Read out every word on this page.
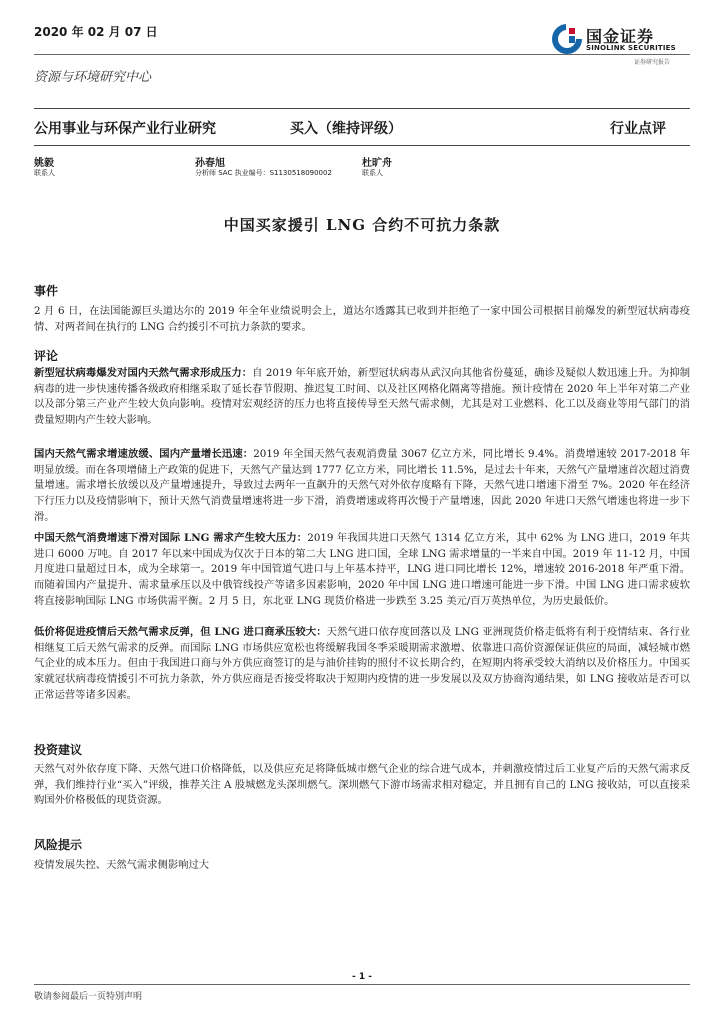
2020 年 02 月 07 日	国金证券
SINOLINK SECURITIES
证券研究报告
资源与环境研究中心
公用事业与环保产业行业研究	买入（维持评级）	行业点评
姚毅
联系人
孙春旭
分析师 SAC 执业编号：S1130518090002
杜旷舟
联系人
中国买家援引 LNG 合约不可抗力条款
事件
2 月 6 日，在法国能源巨头道达尔的 2019 年全年业绩说明会上，道达尔透露其已收到并拒绝了一家中国公司根据目前爆发的新型冠状病毒疫情、对两者间在执行的 LNG 合约援引不可抗力条款的要求。
评论
新型冠状病毒爆发对国内天然气需求形成压力：自 2019 年年底开始，新型冠状病毒从武汉向其他省份蔓延，确诊及疑似人数迅速上升。为抑制病毒的进一步快速传播各级政府相继采取了延长春节假期、推迟复工时间、以及社区网格化隔离等措施。预计疫情在 2020 年上半年对第二产业以及部分第三产业产生较大负向影响。疫情对宏观经济的压力也将直接传导至天然气需求侧，尤其是对工业燃料、化工以及商业等用气部门的消费量短期内产生较大影响。
国内天然气需求增速放缓、国内产量增长迅速：2019 年全国天然气表观消费量 3067 亿立方米，同比增长 9.4%。消费增速较 2017-2018 年明显放缓。而在各项增储上产政策的促进下，天然气产量达到 1777 亿立方米，同比增长 11.5%，是过去十年来，天然气产量增速首次超过消费量增速。需求增长放缓以及产量增速提升，导致过去两年一直飙升的天然气对外依存度略有下降，天然气进口增速下滑至 7%。2020 年在经济下行压力以及疫情影响下，预计天然气消费量增速将进一步下滑，消费增速或将再次慢于产量增速，因此 2020 年进口天然气增速也将进一步下滑。
中国天然气消费增速下滑对国际 LNG 需求产生较大压力：2019 年我国共进口天然气 1314 亿立方米，其中 62% 为 LNG 进口，2019 年共进口 6000 万吨。自 2017 年以来中国成为仅次于日本的第二大 LNG 进口国，全球 LNG 需求增量的一半来自中国。2019 年 11-12 月，中国月度进口量超过日本，成为全球第一。2019 年中国管道气进口与上年基本持平，LNG 进口同比增长 12%，增速较 2016-2018 年严重下滑。而随着国内产量提升、需求量承压以及中俄管线投产等诸多因素影响，2020 年中国 LNG 进口增速可能进一步下滑。中国 LNG 进口需求疲软将直接影响国际 LNG 市场供需平衡。2 月 5 日，东北亚 LNG 现货价格进一步跌至 3.25 美元/百万英热单位，为历史最低价。
低价将促进疫情后天然气需求反弹，但 LNG 进口商承压较大：天然气进口依存度回落以及 LNG 亚洲现货价格走低将有利于疫情结束、各行业相继复工后天然气需求的反弹。而国际 LNG 市场供应宽松也将缓解我国冬季采暖期需求激增、依靠进口高价资源保证供应的局面，减轻城市燃气企业的成本压力。但由于我国进口商与外方供应商签订的是与油价挂钩的照付不议长期合约，在短期内将承受较大消纳以及价格压力。中国买家就冠状病毒疫情援引不可抗力条款，外方供应商是否接受将取决于短期内疫情的进一步发展以及双方协商沟通结果，如 LNG 接收站是否可以正常运营等诸多因素。
投资建议
天然气对外依存度下降、天然气进口价格降低，以及供应充足将降低城市燃气企业的综合进气成本，并刺激疫情过后工业复产后的天然气需求反弹，我们维持行业“买入”评级，推荐关注 A 股城燃龙头深圳燃气。深圳燃气下游市场需求相对稳定，并且拥有自己的 LNG 接收站，可以直接采购国外价格极低的现货资源。
风险提示
疫情发展失控、天然气需求侧影响过大
- 1 -
敬请参阅最后一页特别声明
